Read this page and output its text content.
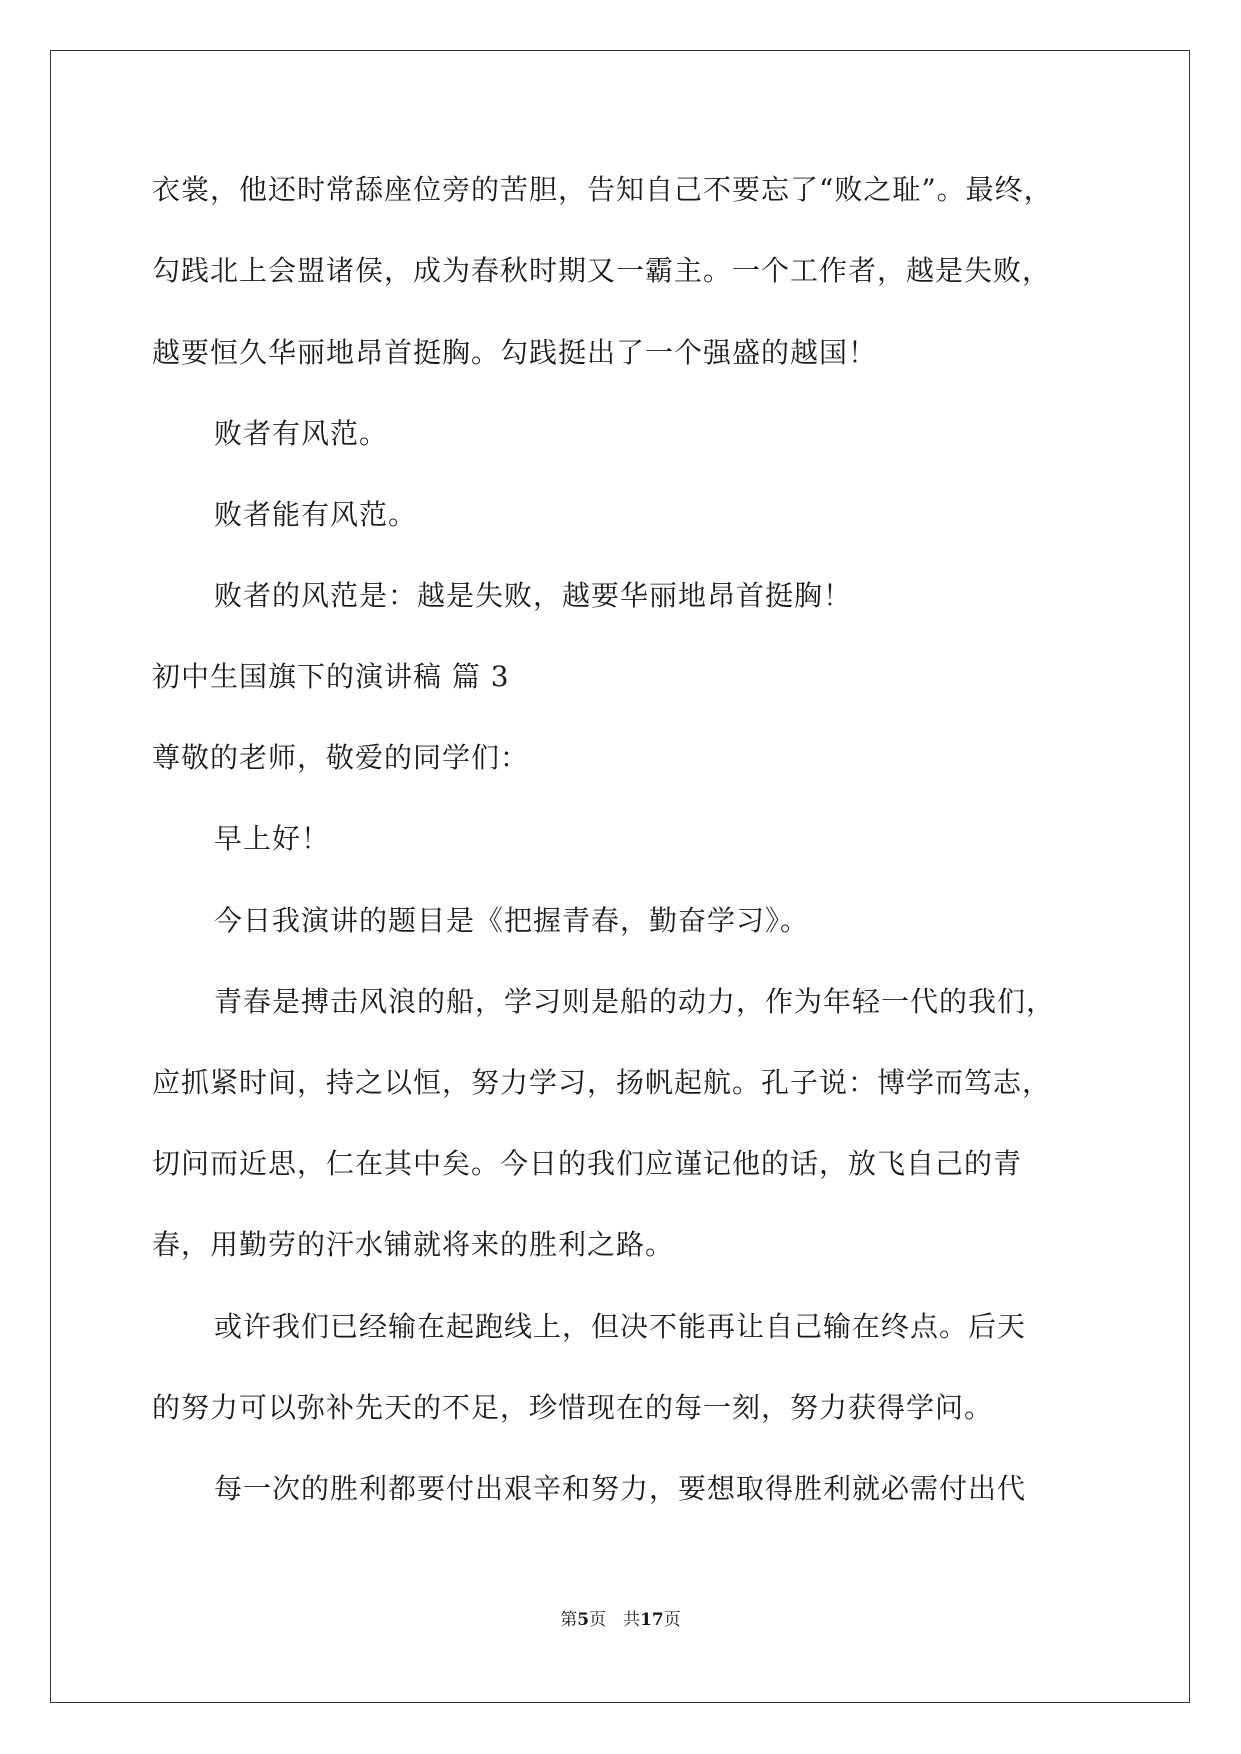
衣裳，他还时常舔座位旁的苦胆，告知自己不要忘了“败之耻”。最终，
勾践北上会盟诸侯，成为春秋时期又一霸主。一个工作者，越是失败，
越要恒久华丽地昂首挺胸。勾践挺出了一个强盛的越国！
败者有风范。
败者能有风范。
败者的风范是：越是失败，越要华丽地昂首挺胸！
初中生国旗下的演讲稿 篇 3
尊敬的老师，敬爱的同学们：
早上好！
今日我演讲的题目是《把握青春，勤奋学习》。
青春是搏击风浪的船，学习则是船的动力，作为年轻一代的我们，
应抓紧时间，持之以恒，努力学习，扬帆起航。孔子说：博学而笃志，
切问而近思，仁在其中矣。今日的我们应谨记他的话，放飞自己的青
春，用勤劳的汗水铺就将来的胜利之路。
或许我们已经输在起跑线上，但决不能再让自己输在终点。后天
的努力可以弥补先天的不足，珍惜现在的每一刻，努力获得学问。
每一次的胜利都要付出艰辛和努力，要想取得胜利就必需付出代
第5页　共17页
